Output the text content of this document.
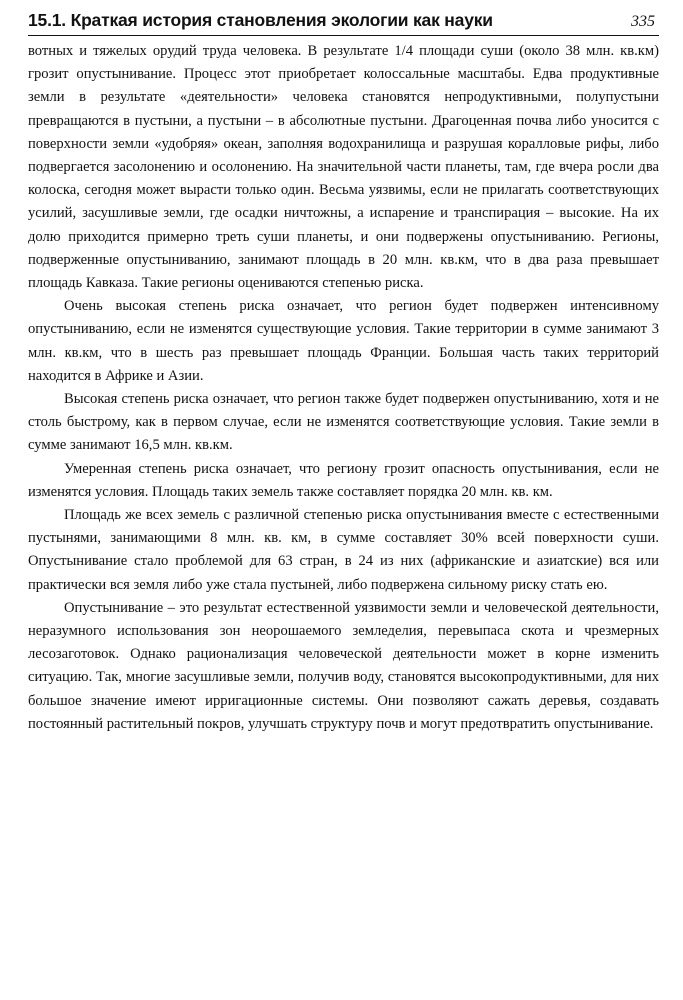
15.1. Краткая история становления экологии как науки	335

вотных и тяжелых орудий труда человека. В результате 1/4 площади суши (около 38 млн. кв.км) грозит опустынивание. Процесс этот приобретает колоссальные масштабы. Едва продуктивные земли в результате «деятельности» человека становятся непродуктивными, полупустыни превращаются в пустыни, а пустыни – в абсолютные пустыни. Драгоценная почва либо уносится с поверхности земли «удобряя» океан, заполняя водохранилища и разрушая коралловые рифы, либо подвергается засолонению и осолонению. На значительной части планеты, там, где вчера росли два колоска, сегодня может вырасти только один. Весьма уязвимы, если не прилагать соответствующих усилий, засушливые земли, где осадки ничтожны, а испарение и транспирация – высокие. На их долю приходится примерно треть суши планеты, и они подвержены опустыниванию. Регионы, подверженные опустыниванию, занимают площадь в 20 млн. кв.км, что в два раза превышает площадь Кавказа. Такие регионы оцениваются степенью риска.

Очень высокая степень риска означает, что регион будет подвержен интенсивному опустыниванию, если не изменятся существующие условия. Такие территории в сумме занимают 3 млн. кв.км, что в шесть раз превышает площадь Франции. Большая часть таких территорий находится в Африке и Азии.

Высокая степень риска означает, что регион также будет подвержен опустыниванию, хотя и не столь быстрому, как в первом случае, если не изменятся соответствующие условия. Такие земли в сумме занимают 16,5 млн. кв.км.

Умеренная степень риска означает, что региону грозит опасность опустынивания, если не изменятся условия. Площадь таких земель также составляет порядка 20 млн. кв. км.

Площадь же всех земель с различной степенью риска опустынивания вместе с естественными пустынями, занимающими 8 млн. кв. км, в сумме составляет 30% всей поверхности суши. Опустынивание стало проблемой для 63 стран, в 24 из них (африканские и азиатские) вся или практически вся земля либо уже стала пустыней, либо подвержена сильному риску стать ею.

Опустынивание – это результат естественной уязвимости земли и человеческой деятельности, неразумного использования зон неорошаемого земледелия, перевыпаса скота и чрезмерных лесозаготовок. Однако рационализация человеческой деятельности может в корне изменить ситуацию. Так, многие засушливые земли, получив воду, становятся высокопродуктивными, для них большое значение имеют ирригационные системы. Они позволяют сажать деревья, создавать постоянный растительный покров, улучшать структуру почв и могут предотвратить опустынивание.
